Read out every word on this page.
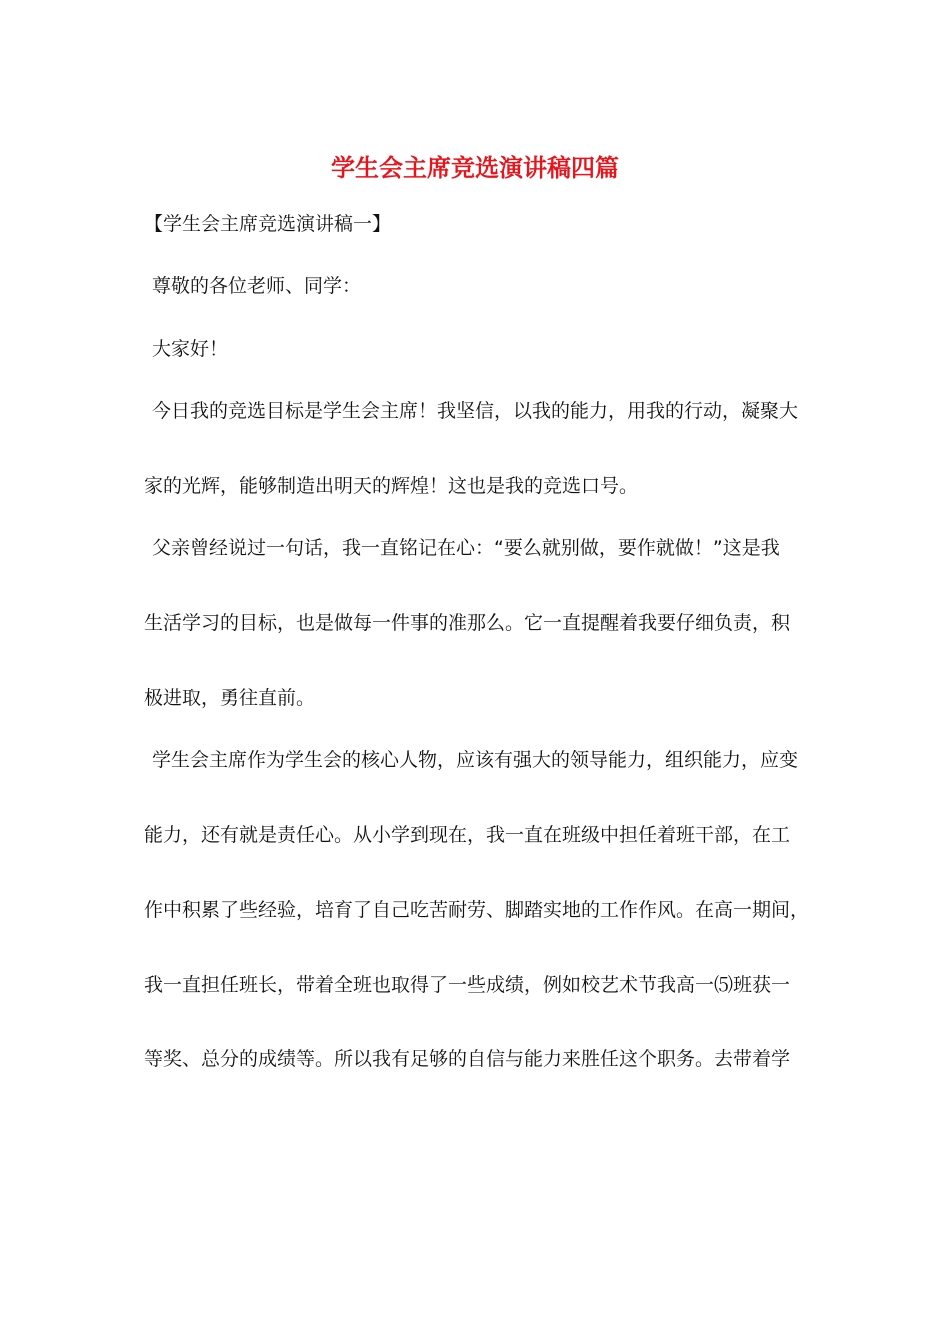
学生会主席竞选演讲稿四篇
【学生会主席竞选演讲稿一】
尊敬的各位老师、同学：
大家好！
今日我的竞选目标是学生会主席！我坚信，以我的能力，用我的行动，凝聚大
家的光辉，能够制造出明天的辉煌！这也是我的竞选口号。
父亲曾经说过一句话，我一直铭记在心：“要么就别做，要作就做！”这是我
生活学习的目标，也是做每一件事的准那么。它一直提醒着我要仔细负责，积
极进取，勇往直前。
学生会主席作为学生会的核心人物，应该有强大的领导能力，组织能力，应变
能力，还有就是责任心。从小学到现在，我一直在班级中担任着班干部，在工
作中积累了些经验，培育了自己吃苦耐劳、脚踏实地的工作作风。在高一期间，
我一直担任班长，带着全班也取得了一些成绩，例如校艺术节我高一⑸班获一
等奖、总分的成绩等。所以我有足够的自信与能力来胜任这个职务。去带着学
